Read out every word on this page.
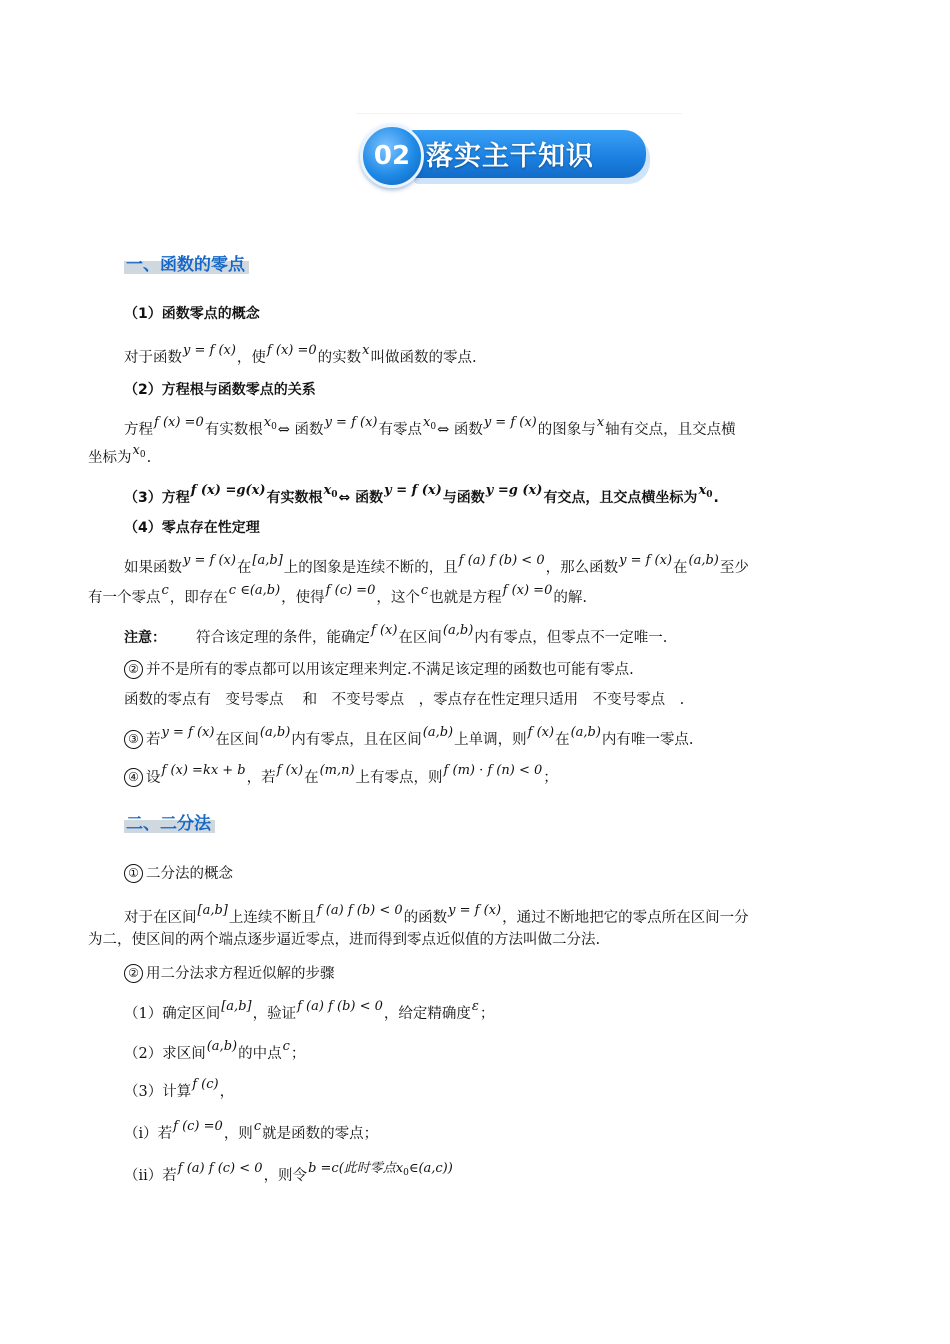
02 落实主干知识
一、函数的零点
（1）函数零点的概念
对于函数y = f (x)，使f (x) =0的实数x叫做函数的零点.
（2）方程根与函数零点的关系
方程f (x) =0有实数根$x_0\Leftrightarrow$ 函数y = f (x)有零点$x_0\Leftrightarrow$ 函数y = f (x)的图象与x轴有交点，且交点横
坐标为$x_0$.
（3）方程f (x) =g(x)有实数根$x_0\Leftrightarrow$ 函数y = f (x)与函数y =g (x)有交点，且交点横坐标为$x_0$.
（4）零点存在性定理
如果函数y = f (x)在[a,b]上的图象是连续不断的，且f (a) f (b) < 0，那么函数y = f (x)在(a,b)至少
有一个零点c，即存在c ∈(a,b)，使得f (c) =0，这个c也就是方程f (x) =0的解.
注意： 符合该定理的条件，能确定f (x)在区间(a,b)内有零点，但零点不一定唯一.
② 并不是所有的零点都可以用该定理来判定.不满足该定理的函数也可能有零点.
函数的零点有　变号零点　 和　不变号零点　，零点存在性定理只适用　不变号零点　.
③ 若y = f (x)在区间(a,b)内有零点，且在区间(a,b)上单调，则f (x)在(a,b)内有唯一零点.
④ 设f (x) =kx + b，若f (x)在(m,n)上有零点，则f (m) · f (n) < 0；
二、二分法
① 二分法的概念
对于在区间[a,b]上连续不断且f (a) f (b) < 0的函数y = f (x)，通过不断地把它的零点所在区间一分
为二，使区间的两个端点逐步逼近零点，进而得到零点近似值的方法叫做二分法.
② 用二分法求方程近似解的步骤
（1）确定区间[a,b]，验证f (a) f (b) < 0，给定精确度ε；
（2）求区间(a,b)的中点c；
（3）计算f (c)，
（i）若f (c) =0，则c就是函数的零点；
（ii）若f (a) f (c) < 0，则令b =c(此时零点$x_0\in(a,c)$)
